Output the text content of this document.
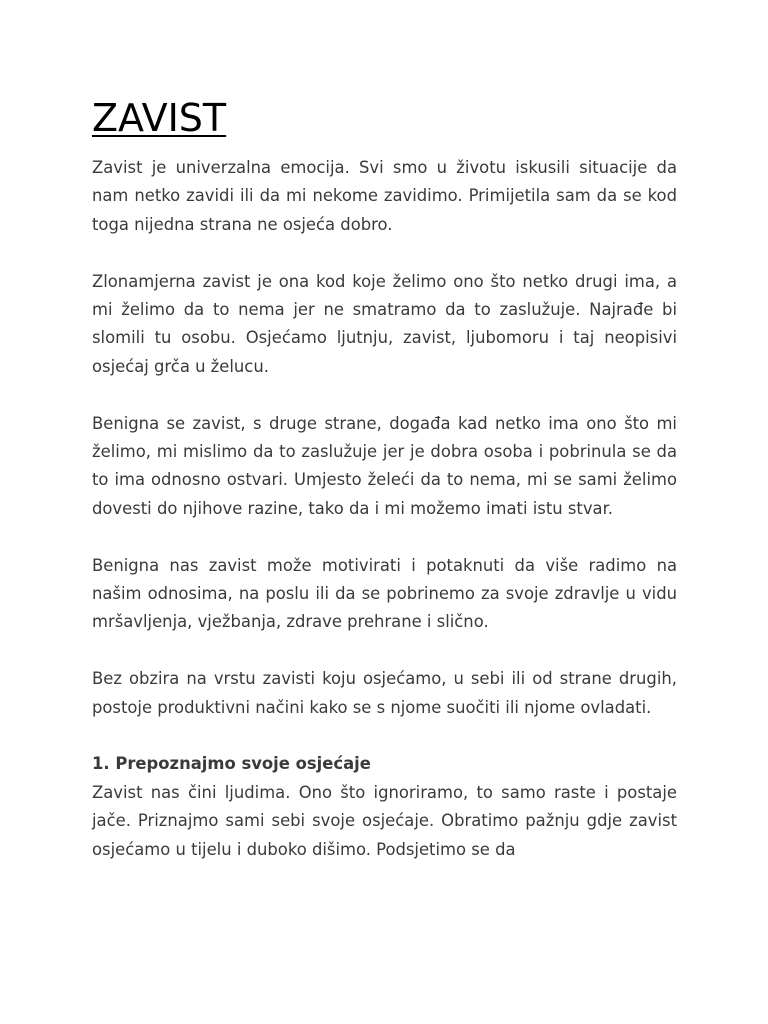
ZAVIST

Zavist je univerzalna emocija. Svi smo u životu iskusili situacije da nam netko zavidi ili da mi nekome zavidimo. Primijetila sam da se kod toga nijedna strana ne osjeća dobro.

Zlonamjerna zavist je ona kod koje želimo ono što netko drugi ima, a mi želimo da to nema jer ne smatramo da to zaslužuje. Najrađe bi slomili tu osobu. Osjećamo ljutnju, zavist, ljubomoru i taj neopisivi osjećaj grča u želucu.

Benigna se zavist, s druge strane, događa kad netko ima ono što mi želimo, mi mislimo da to zaslužuje jer je dobra osoba i pobrinula se da to ima odnosno ostvari. Umjesto želeći da to nema, mi se sami želimo dovesti do njihove razine, tako da i mi možemo imati istu stvar.

Benigna nas zavist može motivirati i potaknuti da više radimo na našim odnosima, na poslu ili da se pobrinemo za svoje zdravlje u vidu mršavljenja, vježbanja, zdrave prehrane i slično.

Bez obzira na vrstu zavisti koju osjećamo, u sebi ili od strane drugih, postoje produktivni načini kako se s njome suočiti ili njome ovladati.

1. Prepoznajmo svoje osjećaje

Zavist nas čini ljudima. Ono što ignoriramo, to samo raste i postaje jače. Priznajmo sami sebi svoje osjećaje. Obratimo pažnju gdje zavist osjećamo u tijelu i duboko dišimo. Podsjetimo se da
